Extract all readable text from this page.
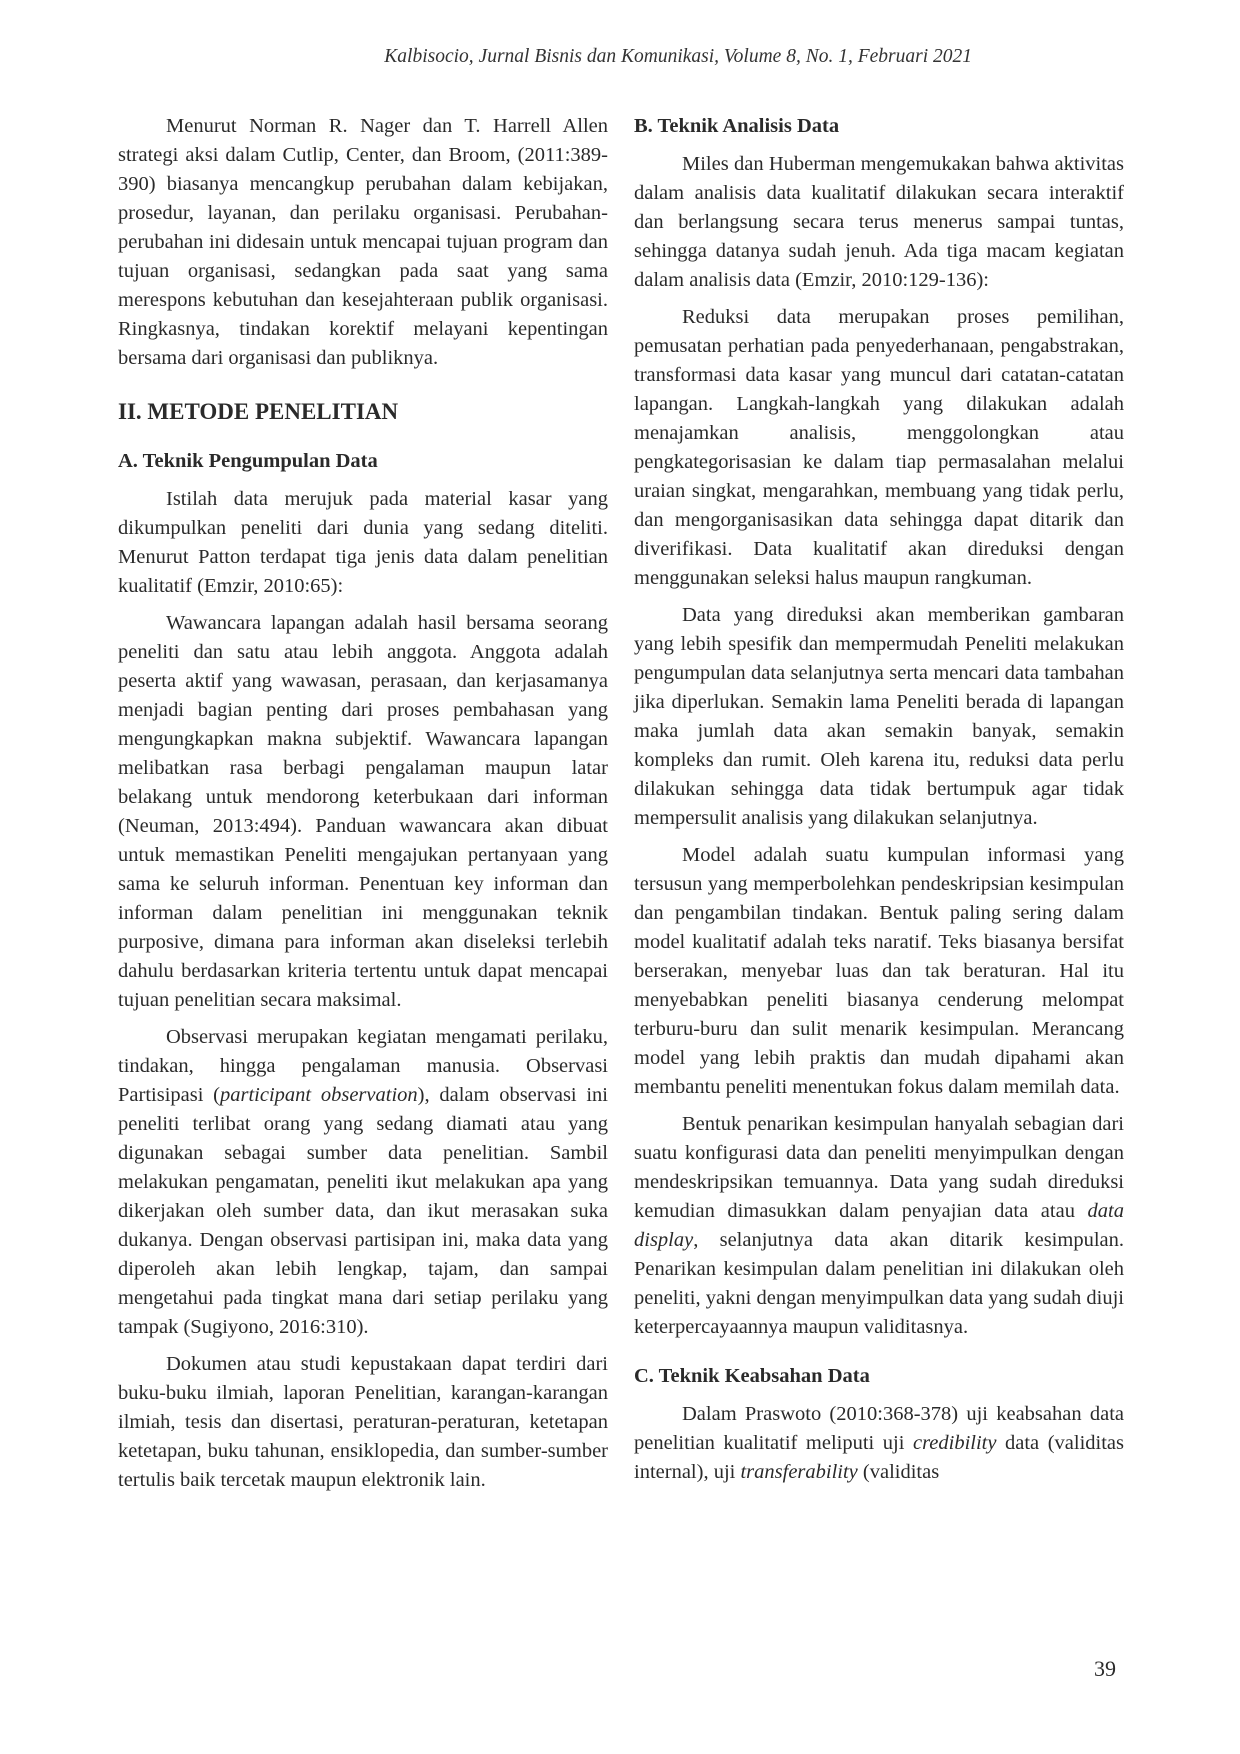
Kalbisocio, Jurnal Bisnis dan Komunikasi, Volume 8, No. 1, Februari 2021

Menurut Norman R. Nager dan T. Harrell Allen strategi aksi dalam Cutlip, Center, dan Broom, (2011:389-390) biasanya mencangkup perubahan dalam kebijakan, prosedur, layanan, dan perilaku organisasi. Perubahan-perubahan ini didesain untuk mencapai tujuan program dan tujuan organisasi, sedangkan pada saat yang sama merespons kebutuhan dan kesejahteraan publik organisasi. Ringkasnya, tindakan korektif melayani kepentingan bersama dari organisasi dan publiknya.

II. METODE PENELITIAN
A. Teknik Pengumpulan Data

Istilah data merujuk pada material kasar yang dikumpulkan peneliti dari dunia yang sedang diteliti. Menurut Patton terdapat tiga jenis data dalam penelitian kualitatif (Emzir, 2010:65):

Wawancara lapangan adalah hasil bersama seorang peneliti dan satu atau lebih anggota. Anggota adalah peserta aktif yang wawasan, perasaan, dan kerjasamanya menjadi bagian penting dari proses pembahasan yang mengungkapkan makna subjektif. Wawancara lapangan melibatkan rasa berbagi pengalaman maupun latar belakang untuk mendorong keterbukaan dari informan (Neuman, 2013:494). Panduan wawancara akan dibuat untuk memastikan Peneliti mengajukan pertanyaan yang sama ke seluruh informan. Penentuan key informan dan informan dalam penelitian ini menggunakan teknik purposive, dimana para informan akan diseleksi terlebih dahulu berdasarkan kriteria tertentu untuk dapat mencapai tujuan penelitian secara maksimal.

Observasi merupakan kegiatan mengamati perilaku, tindakan, hingga pengalaman manusia. Observasi Partisipasi (participant observation), dalam observasi ini peneliti terlibat orang yang sedang diamati atau yang digunakan sebagai sumber data penelitian. Sambil melakukan pengamatan, peneliti ikut melakukan apa yang dikerjakan oleh sumber data, dan ikut merasakan suka dukanya. Dengan observasi partisipan ini, maka data yang diperoleh akan lebih lengkap, tajam, dan sampai mengetahui pada tingkat mana dari setiap perilaku yang tampak (Sugiyono, 2016:310).

Dokumen atau studi kepustakaan dapat terdiri dari buku-buku ilmiah, laporan Penelitian, karangan-karangan ilmiah, tesis dan disertasi, peraturan-peraturan, ketetapan ketetapan, buku tahunan, ensiklopedia, dan sumber-sumber tertulis baik tercetak maupun elektronik lain.

B. Teknik Analisis Data

Miles dan Huberman mengemukakan bahwa aktivitas dalam analisis data kualitatif dilakukan secara interaktif dan berlangsung secara terus menerus sampai tuntas, sehingga datanya sudah jenuh. Ada tiga macam kegiatan dalam analisis data (Emzir, 2010:129-136):

Reduksi data merupakan proses pemilihan, pemusatan perhatian pada penyederhanaan, pengabstrakan, transformasi data kasar yang muncul dari catatan-catatan lapangan. Langkah-langkah yang dilakukan adalah menajamkan analisis, menggolongkan atau pengkategorisasian ke dalam tiap permasalahan melalui uraian singkat, mengarahkan, membuang yang tidak perlu, dan mengorganisasikan data sehingga dapat ditarik dan diverifikasi. Data kualitatif akan direduksi dengan menggunakan seleksi halus maupun rangkuman.

Data yang direduksi akan memberikan gambaran yang lebih spesifik dan mempermudah Peneliti melakukan pengumpulan data selanjutnya serta mencari data tambahan jika diperlukan. Semakin lama Peneliti berada di lapangan maka jumlah data akan semakin banyak, semakin kompleks dan rumit. Oleh karena itu, reduksi data perlu dilakukan sehingga data tidak bertumpuk agar tidak mempersulit analisis yang dilakukan selanjutnya.

Model adalah suatu kumpulan informasi yang tersusun yang memperbolehkan pendeskripsian kesimpulan dan pengambilan tindakan. Bentuk paling sering dalam model kualitatif adalah teks naratif. Teks biasanya bersifat berserakan, menyebar luas dan tak beraturan. Hal itu menyebabkan peneliti biasanya cenderung melompat terburu-buru dan sulit menarik kesimpulan. Merancang model yang lebih praktis dan mudah dipahami akan membantu peneliti menentukan fokus dalam memilah data.

Bentuk penarikan kesimpulan hanyalah sebagian dari suatu konfigurasi data dan peneliti menyimpulkan dengan mendeskripsikan temuannya. Data yang sudah direduksi kemudian dimasukkan dalam penyajian data atau data display, selanjutnya data akan ditarik kesimpulan. Penarikan kesimpulan dalam penelitian ini dilakukan oleh peneliti, yakni dengan menyimpulkan data yang sudah diuji keterpercayaannya maupun validitasnya.

C. Teknik Keabsahan Data

Dalam Praswoto (2010:368-378) uji keabsahan data penelitian kualitatif meliputi uji credibility data (validitas internal), uji transferability (validitas

39
